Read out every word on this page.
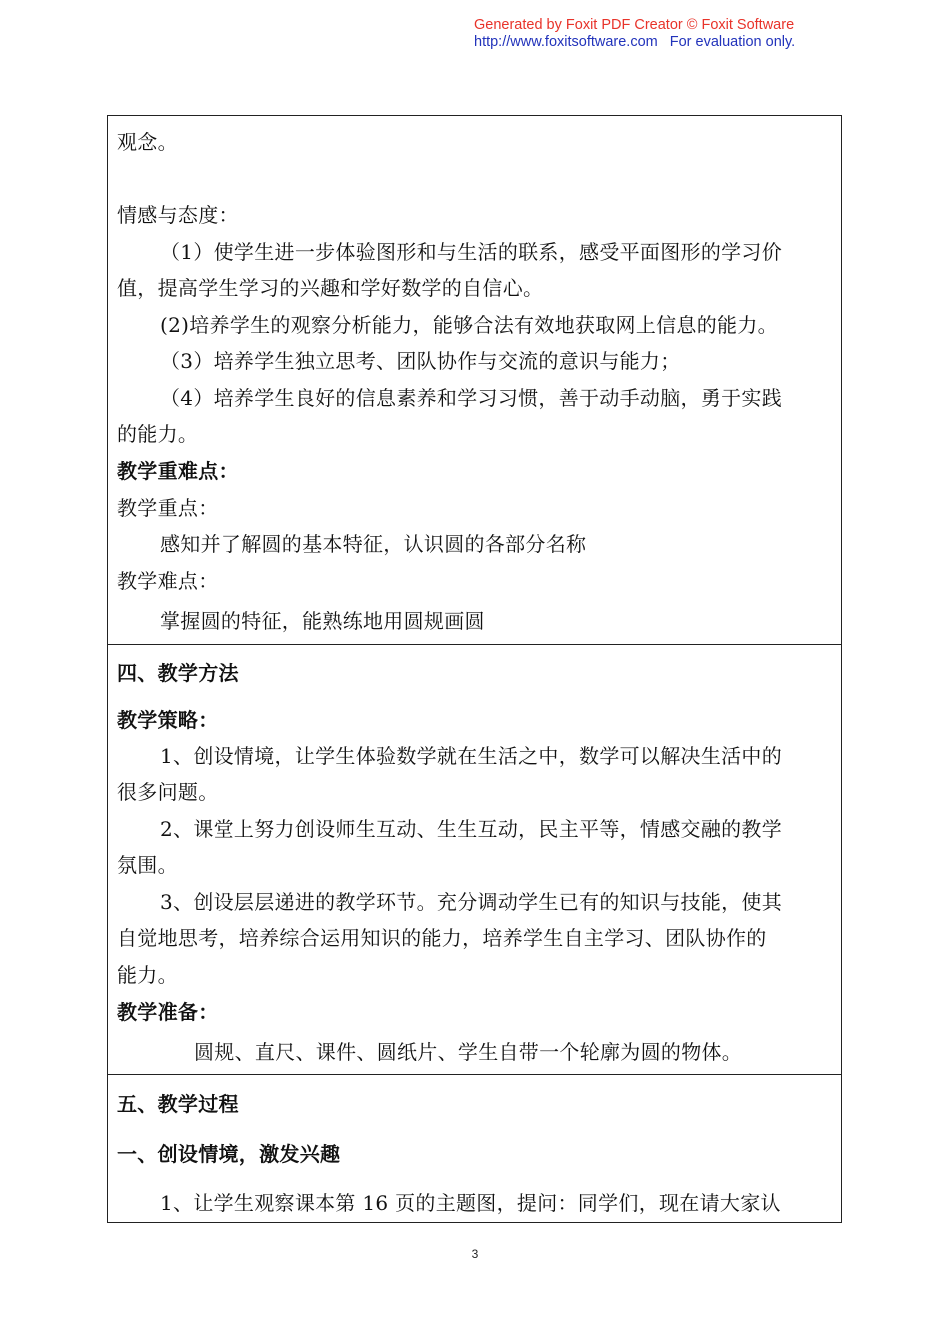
Generated by Foxit PDF Creator © Foxit Software
http://www.foxitsoftware.com For evaluation only.
观念。
情感与态度：
（1）使学生进一步体验图形和与生活的联系，感受平面图形的学习价
值，提高学生学习的兴趣和学好数学的自信心。
(2)培养学生的观察分析能力，能够合法有效地获取网上信息的能力。
（3）培养学生独立思考、团队协作与交流的意识与能力；
（4）培养学生良好的信息素养和学习习惯，善于动手动脑，勇于实践
的能力。
教学重难点：
教学重点：
感知并了解圆的基本特征，认识圆的各部分名称
教学难点：
掌握圆的特征，能熟练地用圆规画圆
四、教学方法
教学策略：
1、创设情境，让学生体验数学就在生活之中，数学可以解决生活中的
很多问题。
2、课堂上努力创设师生互动、生生互动，民主平等，情感交融的教学
氛围。
3、创设层层递进的教学环节。充分调动学生已有的知识与技能，使其
自觉地思考，培养综合运用知识的能力，培养学生自主学习、团队协作的
能力。
教学准备：
圆规、直尺、课件、圆纸片、学生自带一个轮廓为圆的物体。
五、教学过程
一、创设情境，激发兴趣
1、让学生观察课本第 16 页的主题图，提问：同学们，现在请大家认
3
